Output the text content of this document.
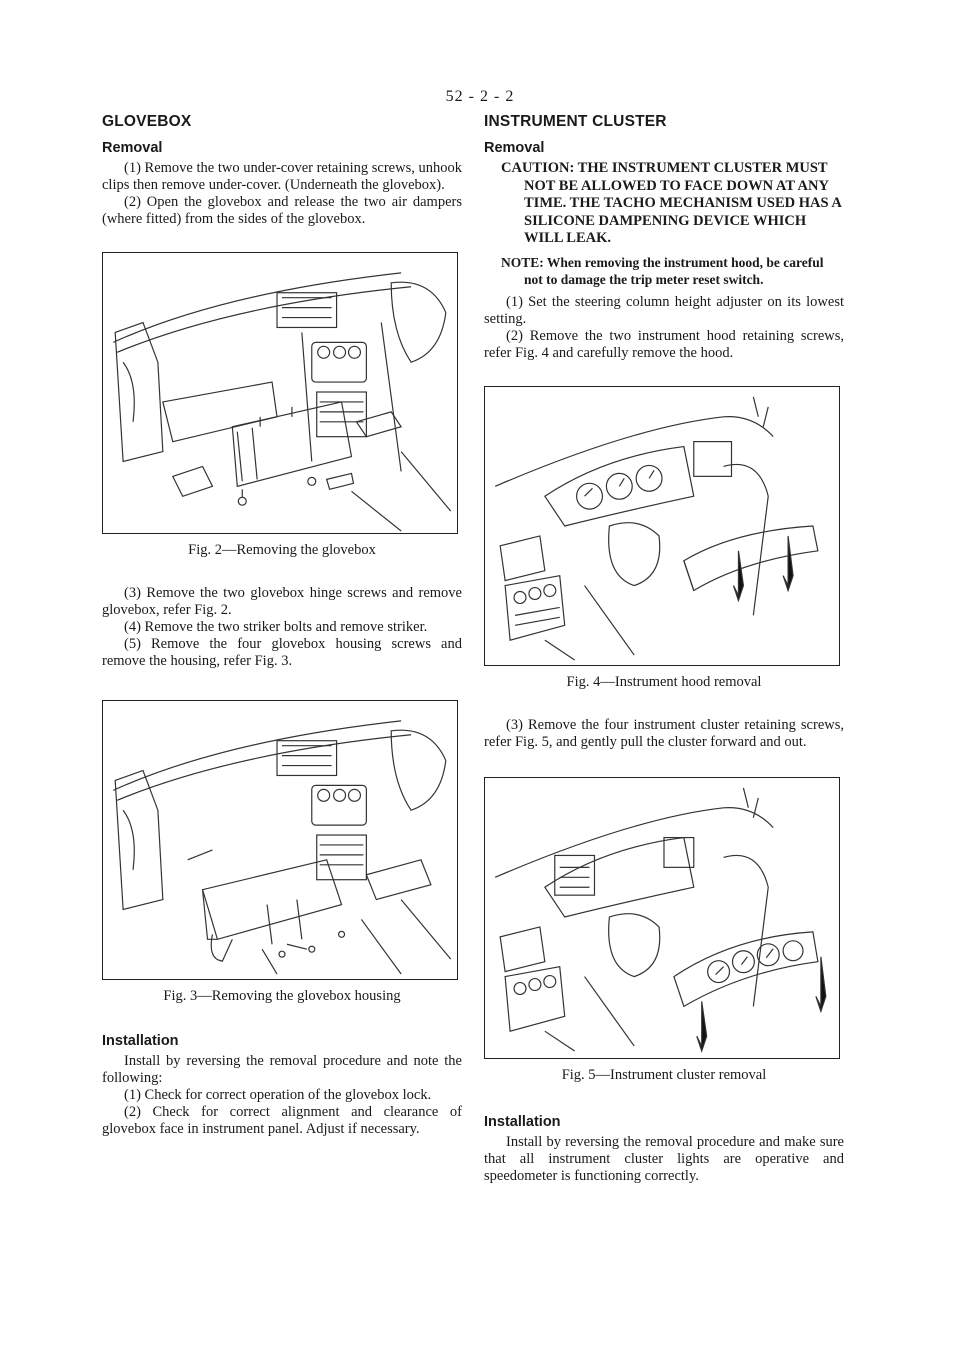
52 - 2 - 2
GLOVEBOX
Removal

(1) Remove the two under-cover retaining screws, unhook clips then remove under-cover. (Underneath the glovebox).

(2) Open the glovebox and release the two air dampers (where fitted) from the sides of the glovebox.

Fig. 2—Removing the glovebox

(3) Remove the two glovebox hinge screws and remove glovebox, refer Fig. 2.

(4) Remove the two striker bolts and remove striker.

(5) Remove the four glovebox housing screws and remove the housing, refer Fig. 3.

Fig. 3—Removing the glovebox housing
Installation

Install by reversing the removal procedure and note the following:

(1) Check for correct operation of the glovebox lock.

(2) Check for correct alignment and clearance of glovebox face in instrument panel. Adjust if necessary.

INSTRUMENT CLUSTER
Removal

CAUTION: THE INSTRUMENT CLUSTER MUST NOT BE ALLOWED TO FACE DOWN AT ANY TIME. THE TACHO MECHANISM USED HAS A SILICONE DAMPENING DEVICE WHICH WILL LEAK.

NOTE: When removing the instrument hood, be careful not to damage the trip meter reset switch.

(1) Set the steering column height adjuster on its lowest setting.

(2) Remove the two instrument hood retaining screws, refer Fig. 4 and carefully remove the hood.

Fig. 4—Instrument hood removal

(3) Remove the four instrument cluster retaining screws, refer Fig. 5, and gently pull the cluster forward and out.

Fig. 5—Instrument cluster removal
Installation

Install by reversing the removal procedure and make sure that all instrument cluster lights are operative and speedometer is functioning correctly.
